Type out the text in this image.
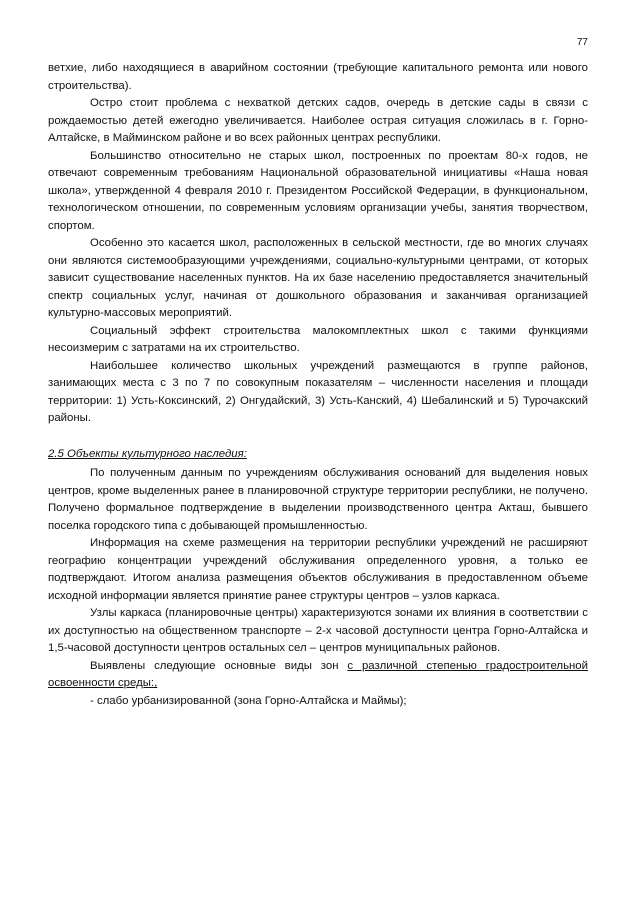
77

ветхие, либо находящиеся в аварийном состоянии (требующие капитального ремонта или нового строительства).

Остро стоит проблема с нехваткой детских садов, очередь в детские сады в связи с рождаемостью детей ежегодно увеличивается. Наиболее острая ситуация сложилась в г. Горно-Алтайске, в Майминском районе и во всех районных центрах республики.

Большинство относительно не старых школ, построенных по проектам 80-х годов, не отвечают современным требованиям Национальной образовательной инициативы «Наша новая школа», утвержденной 4 февраля 2010 г. Президентом Российской Федерации, в функциональном, технологическом отношении, по современным условиям организации учебы, занятия творчеством, спортом.

Особенно это касается школ, расположенных в сельской местности, где во многих случаях они являются системообразующими учреждениями, социально-культурными центрами, от которых зависит существование населенных пунктов. На их базе населению предоставляется значительный спектр социальных услуг, начиная от дошкольного образования и заканчивая организацией культурно-массовых мероприятий.

Социальный эффект строительства малокомплектных школ с такими функциями несоизмерим с затратами на их строительство.

Наибольшее количество школьных учреждений размещаются в группе районов, занимающих места с 3 по 7 по совокупным показателям – численности населения и площади территории: 1) Усть-Коксинский, 2) Онгудайский, 3) Усть-Канский, 4) Шебалинский и 5) Турочакский районы.

2.5 Объекты культурного наследия:

По полученным данным по учреждениям обслуживания оснований для выделения новых центров, кроме выделенных ранее в планировочной структуре территории республики, не получено. Получено формальное подтверждение в выделении производственного центра Акташ, бывшего поселка городского типа с добывающей промышленностью.

Информация на схеме размещения на территории республики учреждений не расширяют географию концентрации учреждений обслуживания определенного уровня, а только ее подтверждают. Итогом анализа размещения объектов обслуживания в предоставленном объеме исходной информации является принятие ранее структуры центров – узлов каркаса.

Узлы каркаса (планировочные центры) характеризуются зонами их влияния в соответствии с их доступностью на общественном транспорте – 2-х часовой доступности центра Горно-Алтайска и 1,5-часовой доступности центров остальных сел – центров муниципальных районов.

Выявлены следующие основные виды зон с различной степенью градостроительной освоенности среды:,

- слабо урбанизированной (зона Горно-Алтайска и Маймы);
